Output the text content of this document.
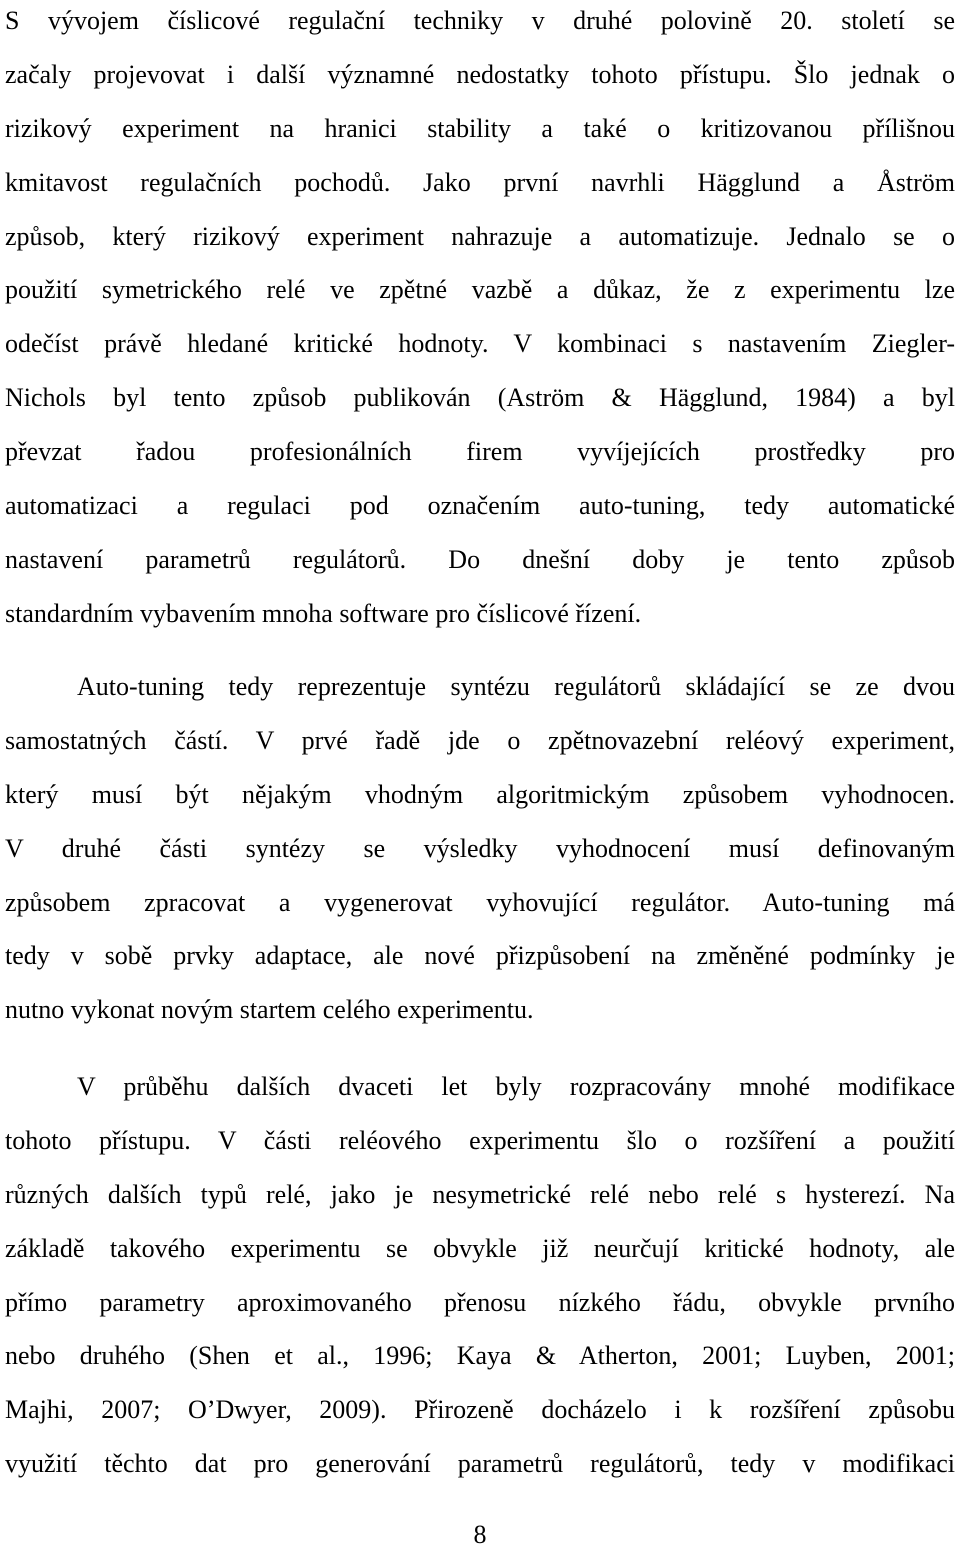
S vývojem číslicové regulační techniky v druhé polovině 20. století se
začaly projevovat i další významné nedostatky tohoto přístupu. Šlo jednak o
rizikový experiment na hranici stability a také o kritizovanou přílišnou
kmitavost regulačních pochodů. Jako první navrhli Hägglund a Åström
způsob, který rizikový experiment nahrazuje a automatizuje. Jednalo se o
použití symetrického relé ve zpětné vazbě a důkaz, že z experimentu lze
odečíst právě hledané kritické hodnoty. V kombinaci s nastavením Ziegler-
Nichols byl tento způsob publikován (Aström & Hägglund, 1984) a byl
převzat řadou profesionálních firem vyvíjejících prostředky pro
automatizaci a regulaci pod označením auto-tuning, tedy automatické
nastavení parametrů regulátorů. Do dnešní doby je tento způsob
standardním vybavením mnoha software pro číslicové řízení.
Auto-tuning tedy reprezentuje syntézu regulátorů skládající se ze dvou
samostatných částí. V prvé řadě jde o zpětnovazební reléový experiment,
který musí být nějakým vhodným algoritmickým způsobem vyhodnocen.
V druhé části syntézy se výsledky vyhodnocení musí definovaným
způsobem zpracovat a vygenerovat vyhovující regulátor. Auto-tuning má
tedy v sobě prvky adaptace, ale nové přizpůsobení na změněné podmínky je
nutno vykonat novým startem celého experimentu.
V průběhu dalších dvaceti let byly rozpracovány mnohé modifikace
tohoto přístupu. V části reléového experimentu šlo o rozšíření a použití
různých dalších typů relé, jako je nesymetrické relé nebo relé s hysterezí. Na
základě takového experimentu se obvykle již neurčují kritické hodnoty, ale
přímo parametry aproximovaného přenosu nízkého řádu, obvykle prvního
nebo druhého (Shen et al., 1996; Kaya & Atherton, 2001; Luyben, 2001;
Majhi, 2007; O’Dwyer, 2009). Přirozeně docházelo i k rozšíření způsobu
využití těchto dat pro generování parametrů regulátorů, tedy v modifikaci
8
